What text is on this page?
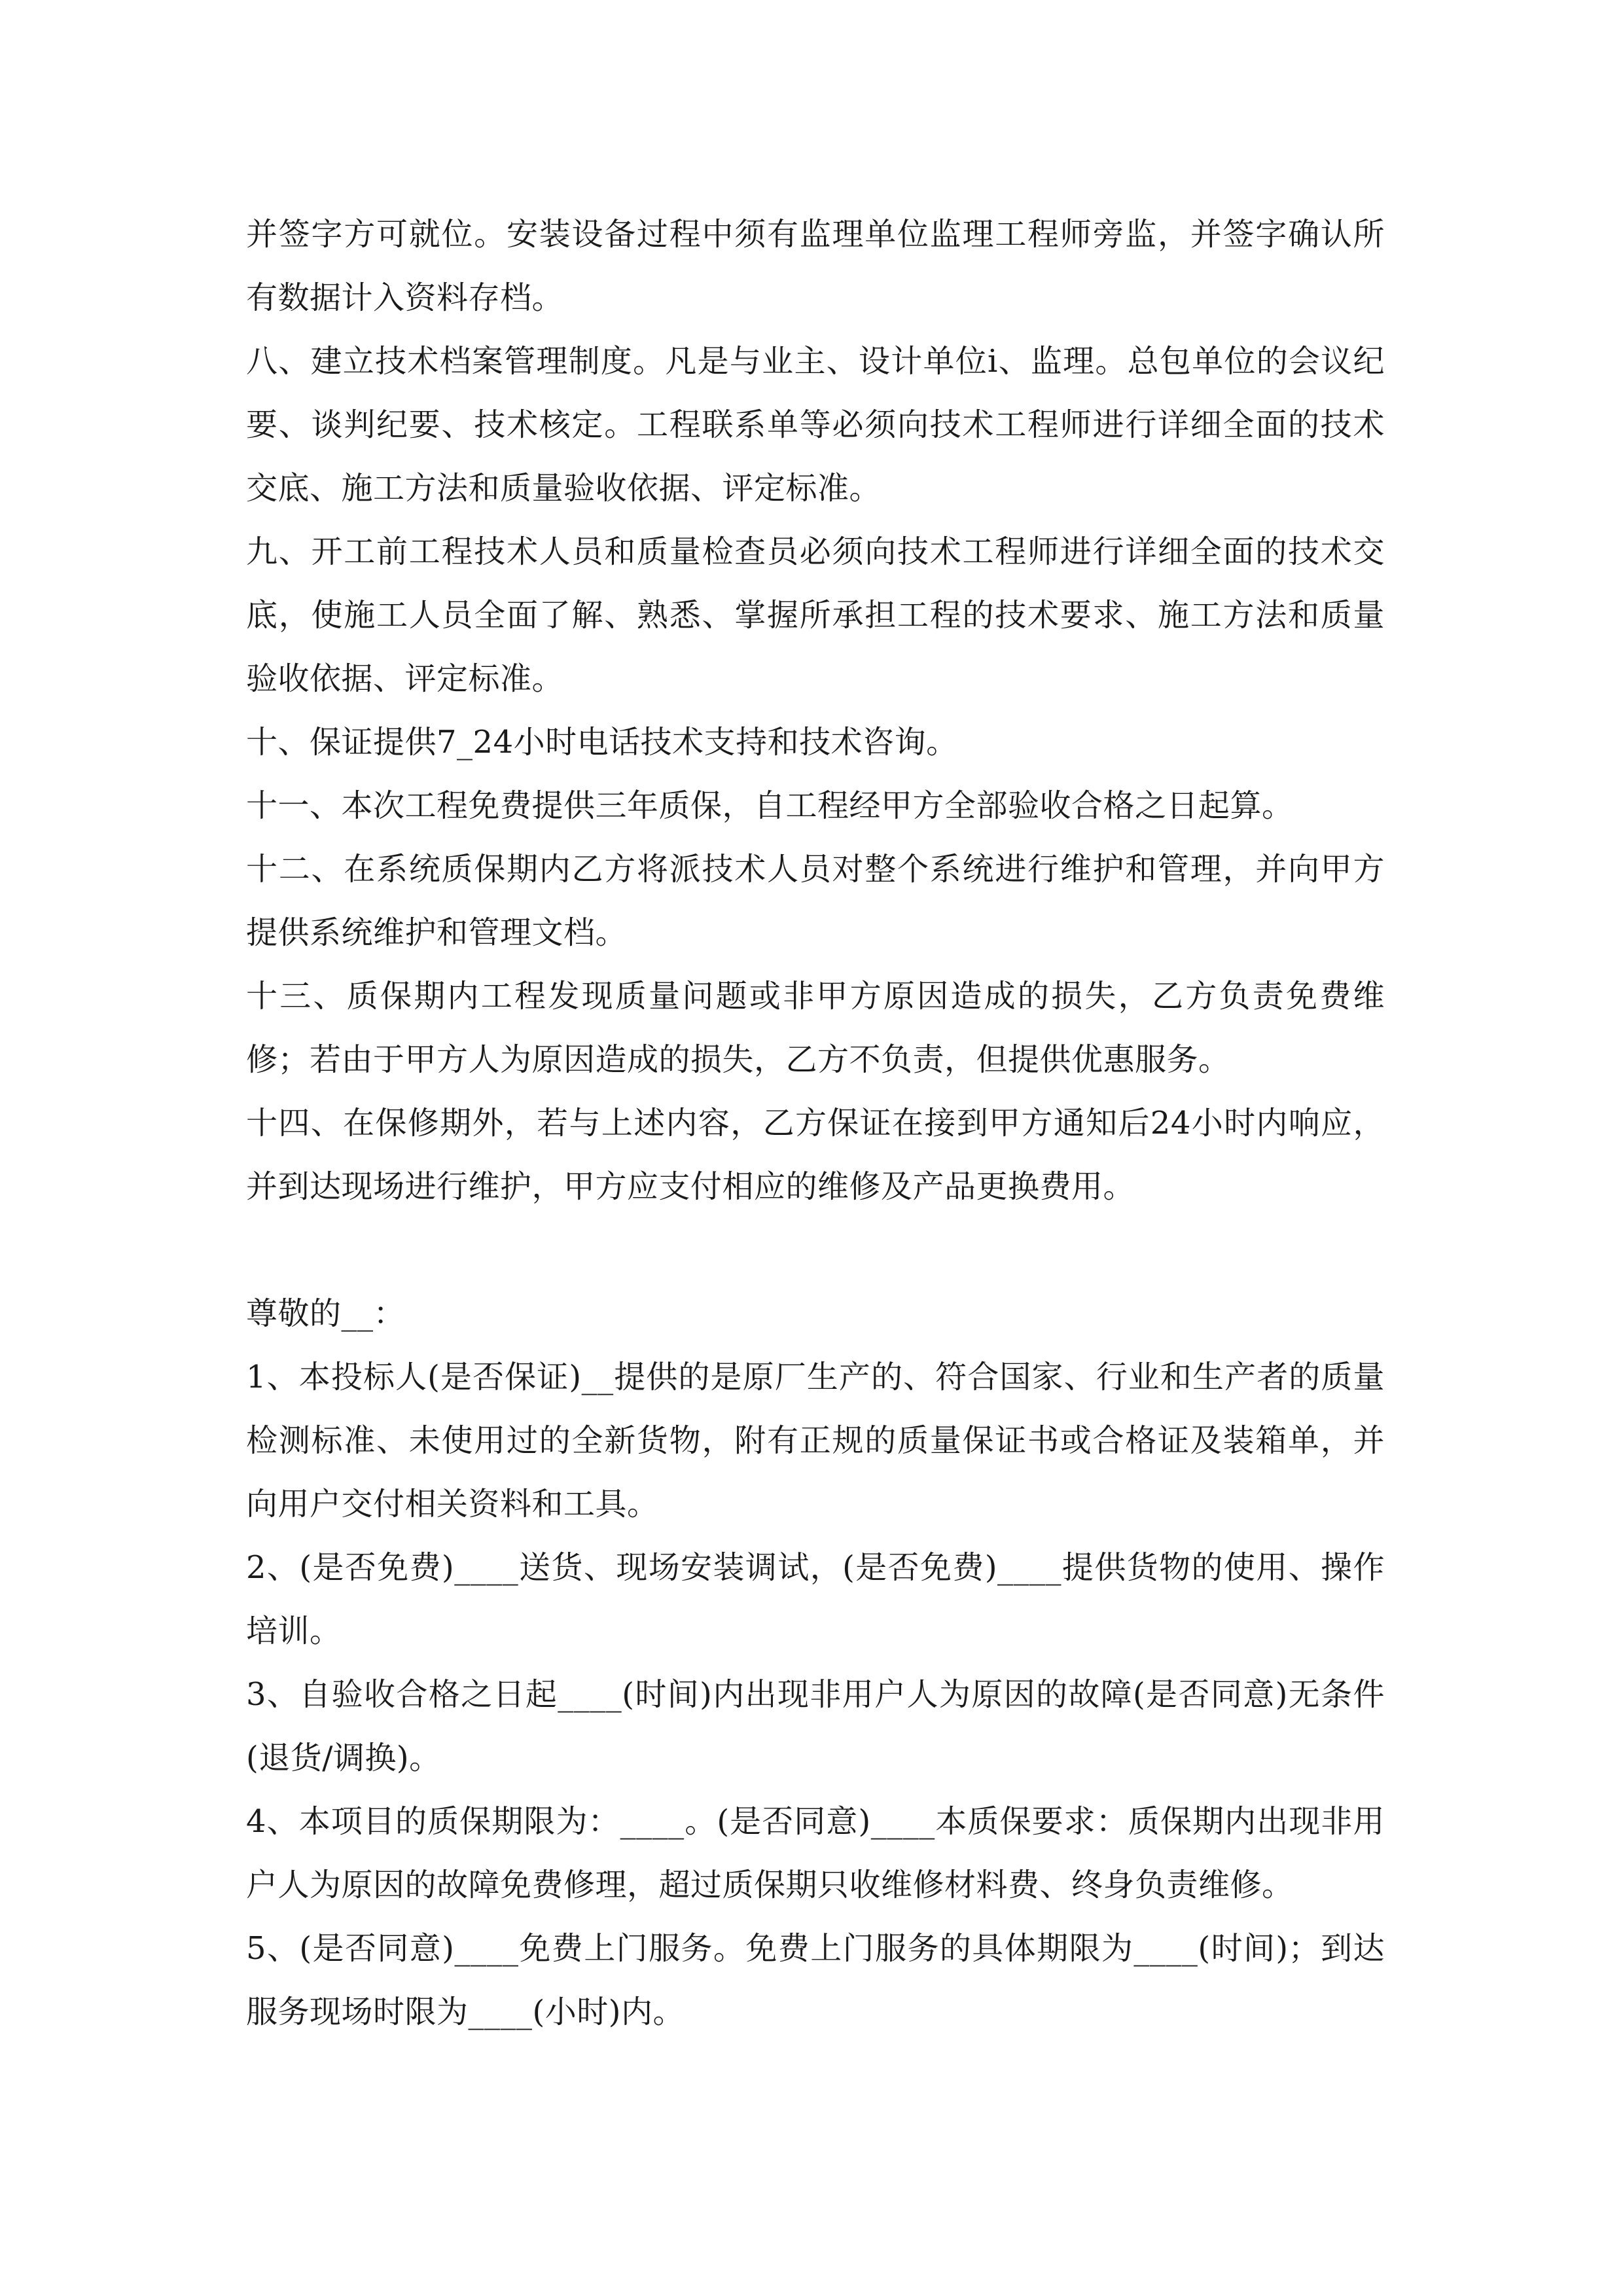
并签字方可就位。安装设备过程中须有监理单位监理工程师旁监，并签字确认所有数据计入资料存档。

八、建立技术档案管理制度。凡是与业主、设计单位i、监理。总包单位的会议纪要、谈判纪要、技术核定。工程联系单等必须向技术工程师进行详细全面的技术交底、施工方法和质量验收依据、评定标准。

九、开工前工程技术人员和质量检查员必须向技术工程师进行详细全面的技术交底，使施工人员全面了解、熟悉、掌握所承担工程的技术要求、施工方法和质量验收依据、评定标准。

十、保证提供7_24小时电话技术支持和技术咨询。

十一、本次工程免费提供三年质保，自工程经甲方全部验收合格之日起算。

十二、在系统质保期内乙方将派技术人员对整个系统进行维护和管理，并向甲方提供系统维护和管理文档。

十三、质保期内工程发现质量问题或非甲方原因造成的损失，乙方负责免费维修；若由于甲方人为原因造成的损失，乙方不负责，但提供优惠服务。

十四、在保修期外，若与上述内容，乙方保证在接到甲方通知后24小时内响应，并到达现场进行维护，甲方应支付相应的维修及产品更换费用。

尊敬的__：

1、本投标人(是否保证)__提供的是原厂生产的、符合国家、行业和生产者的质量检测标准、未使用过的全新货物，附有正规的质量保证书或合格证及装箱单，并向用户交付相关资料和工具。

2、(是否免费)____送货、现场安装调试，(是否免费)____提供货物的使用、操作培训。

3、自验收合格之日起____(时间)内出现非用户人为原因的故障(是否同意)无条件(退货/调换)。

4、本项目的质保期限为：____。(是否同意)____本质保要求：质保期内出现非用户人为原因的故障免费修理，超过质保期只收维修材料费、终身负责维修。

5、(是否同意)____免费上门服务。免费上门服务的具体期限为____(时间)；到达服务现场时限为____(小时)内。
